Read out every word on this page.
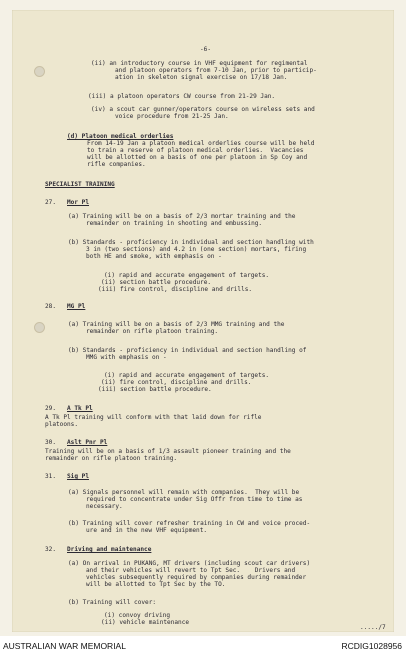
-6-
(ii) an introductory course in VHF equipment for regimental
and platoon operators from 7-10 Jan, prior to particip-
ation in skeleton signal exercise on 17/18 Jan.
(iii) a platoon operators CW course from 21-29 Jan.
(iv) a scout car gunner/operators course on wireless sets and
voice procedure from 21-25 Jan.
(d) Platoon medical orderlies
From 14-19 Jan a platoon medical orderlies course will be held
to train a reserve of platoon medical orderlies.  Vacancies
will be allotted on a basis of one per platoon in Sp Coy and
rifle companies.
SPECIALIST TRAINING
27. Mor Pl
(a) Training will be on a basis of 2/3 mortar training and the
remainder on training in shooting and embussing.
(b) Standards - proficiency in individual and section handling with
3 in (two sections) and 4.2 in (one section) mortars, firing
both HE and smoke, with emphasis on -
(i) rapid and accurate engagement of targets.
(ii) section battle procedure.
(iii) fire control, discipline and drills.
28. MG Pl
(a) Training will be on a basis of 2/3 MMG training and the
remainder on rifle platoon training.
(b) Standards - proficiency in individual and section handling of
MMG with emphasis on -
(i) rapid and accurate engagement of targets.
(ii) fire control, discipline and drills.
(iii) section battle procedure.
29. A Tk Pl
A Tk Pl training will conform with that laid down for rifle
platoons.
30. Aslt Pnr Pl
Training will be on a basis of 1/3 assault pioneer training and the
remainder on rifle platoon training.
31. Sig Pl
(a) Signals personnel will remain with companies.  They will be
required to concentrate under Sig Offr from time to time as
necessary.
(b) Training will cover refresher training in CW and voice proced-
ure and in the new VHF equipment.
32. Driving and maintenance
(a) On arrival in PUKANG, MT drivers (including scout car drivers)
and their vehicles will revert to Tpt Sec.    Drivers and
vehicles subsequently required by companies during remainder
will be allotted to Tpt Sec by the TO.
(b) Training will cover:
(i) convoy driving
(ii) vehicle maintenance
...../7
AUSTRALIAN WAR MEMORIAL	RCDIG1028956
